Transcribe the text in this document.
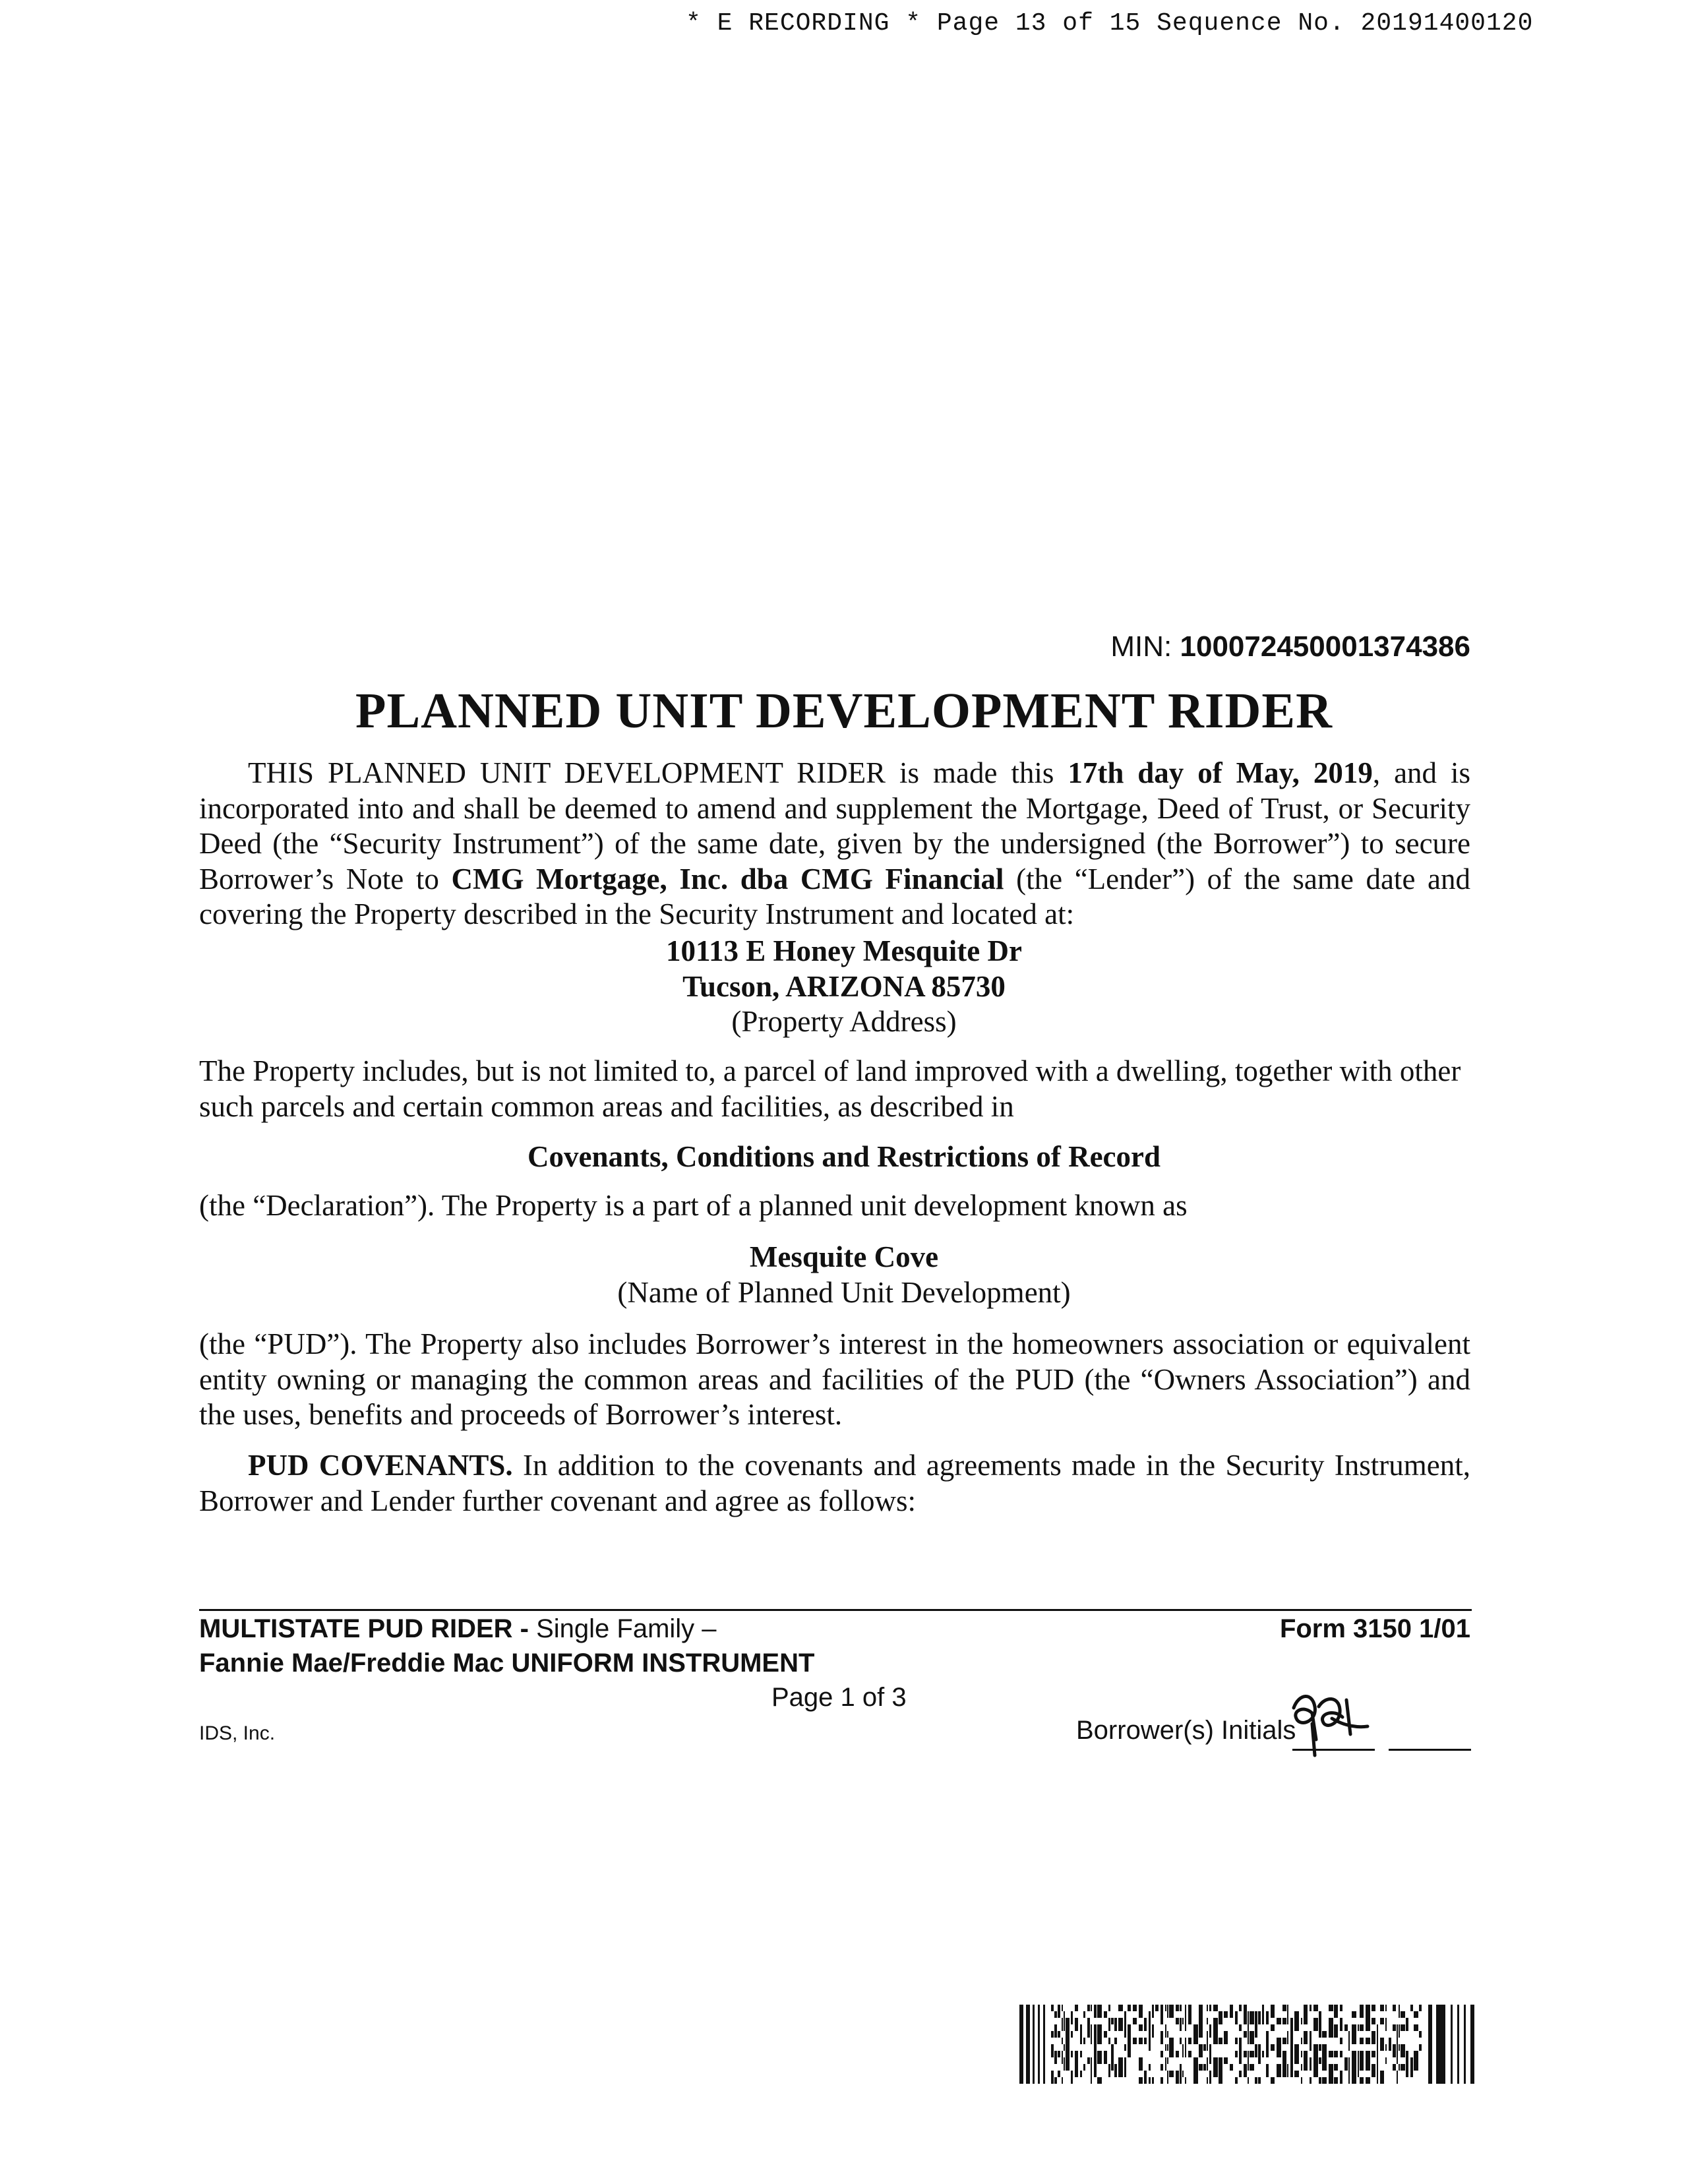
* E RECORDING * Page 13 of 15 Sequence No. 20191400120
MIN: 100072450001374386
PLANNED UNIT DEVELOPMENT RIDER
THIS PLANNED UNIT DEVELOPMENT RIDER is made this 17th day of May, 2019, and is incorporated into and shall be deemed to amend and supplement the Mortgage, Deed of Trust, or Security Deed (the “Security Instrument”) of the same date, given by the undersigned (the Borrower”) to secure Borrower’s Note to CMG Mortgage, Inc. dba CMG Financial (the “Lender”) of the same date and covering the Property described in the Security Instrument and located at:
10113 E Honey Mesquite Dr
Tucson, ARIZONA 85730
(Property Address)
The Property includes, but is not limited to, a parcel of land improved with a dwelling, together with other such parcels and certain common areas and facilities, as described in
Covenants, Conditions and Restrictions of Record
(the “Declaration”). The Property is a part of a planned unit development known as
Mesquite Cove
(Name of Planned Unit Development)
(the “PUD”). The Property also includes Borrower’s interest in the homeowners association or equivalent entity owning or managing the common areas and facilities of the PUD (the “Owners Association”) and the uses, benefits and proceeds of Borrower’s interest.
PUD COVENANTS. In addition to the covenants and agreements made in the Security Instrument, Borrower and Lender further covenant and agree as follows:
MULTISTATE PUD RIDER - Single Family –
Fannie Mae/Freddie Mac UNIFORM INSTRUMENT
Form 3150 1/01
Page 1 of 3
IDS, Inc.	Borrower(s) Initials
